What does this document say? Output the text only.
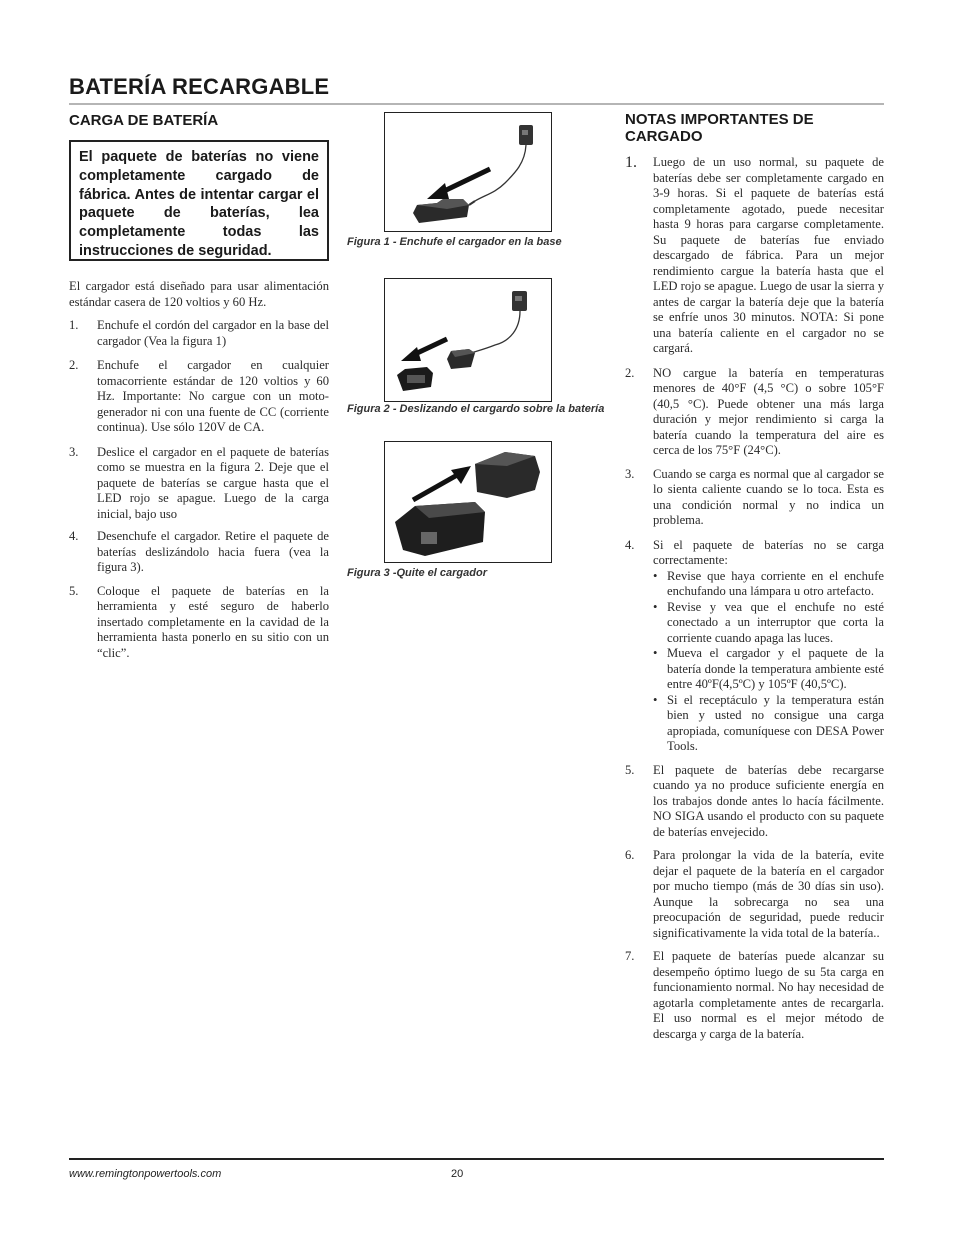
BATERÍA RECARGABLE
CARGA DE BATERÍA
El paquete de baterías no viene completamente cargado de fábrica. Antes de intentar cargar el paquete de baterías, lea completamente todas las instrucciones de seguridad.

El cargador está diseñado para usar alimentación estándar casera de 120 voltios y 60 Hz.

1. Enchufe el cordón del cargador en la base del cargador (Vea la figura 1)
2. Enchufe el cargador en cualquier tomacorriente estándar de 120 voltios y 60 Hz. Importante: No cargue con un moto-generador ni con una fuente de CC (corriente continua). Use sólo 120V de CA.
3. Deslice el cargador en el paquete de baterías como se muestra en la figura 2. Deje que el paquete de baterías se cargue hasta que el LED rojo se apague. Luego de la carga inicial, bajo uso
4. Desenchufe el cargador. Retire el paquete de baterías deslizándolo hacia fuera (vea la figura 3).
5. Coloque el paquete de baterías en la herramienta y esté seguro de haberlo insertado completamente en la cavidad de la herramienta hasta ponerlo en su sitio con un “clic”.
Figura 1 - Enchufe el cargador en la base
Figura 2 - Deslizando el cargardo sobre la batería
Figura 3 -Quite el cargador
NOTAS IMPORTANTES DE CARGADO
1. Luego de un uso normal, su paquete de baterías debe ser completamente cargado en 3-9 horas. Si el paquete de baterías está completamente agotado, puede necesitar hasta 9 horas para cargarse completamente. Su paquete de baterías fue enviado descargado de fábrica. Para un mejor rendimiento cargue la batería hasta que el LED rojo se apague. Luego de usar la sierra y antes de cargar la batería deje que la batería se enfríe unos 30 minutos. NOTA: Si pone una batería caliente en el cargador no se cargará.
2. NO cargue la batería en temperaturas menores de 40°F (4,5 °C) o sobre 105°F (40,5 °C). Puede obtener una más larga duración y mejor rendimiento si carga la batería cuando la temperatura del aire es cerca de los 75°F (24°C).
3. Cuando se carga es normal que al cargador se lo sienta caliente cuando se lo toca. Esta es una condición normal y no indica un problema.
4. Si el paquete de baterías no se carga correctamente:
• Revise que haya corriente en el enchufe enchufando una lámpara u otro artefacto.
• Revise y vea que el enchufe no esté conectado a un interruptor que corta la corriente cuando apaga las luces.
• Mueva el cargador y el paquete de la batería donde la temperatura ambiente esté entre 40ºF(4,5ºC) y 105ºF (40,5ºC).
• Si el receptáculo y la temperatura están bien y usted no consigue una carga apropiada, comuníquese con DESA Power Tools.
5. El paquete de baterías debe recargarse cuando ya no produce suficiente energía en los trabajos donde antes lo hacía fácilmente. NO SIGA usando el producto con su paquete de baterías envejecido.
6. Para prolongar la vida de la batería, evite dejar el paquete de la batería en el cargador por mucho tiempo (más de 30 días sin uso). Aunque la sobrecarga no sea una preocupación de seguridad, puede reducir significativamente la vida total de la batería..
7. El paquete de baterías puede alcanzar su desempeño óptimo luego de su 5ta carga en funcionamiento normal. No hay necesidad de agotarla completamente antes de recargarla. El uso normal es el mejor método de descarga y carga de la batería.
www.remingtonpowertools.com	20
